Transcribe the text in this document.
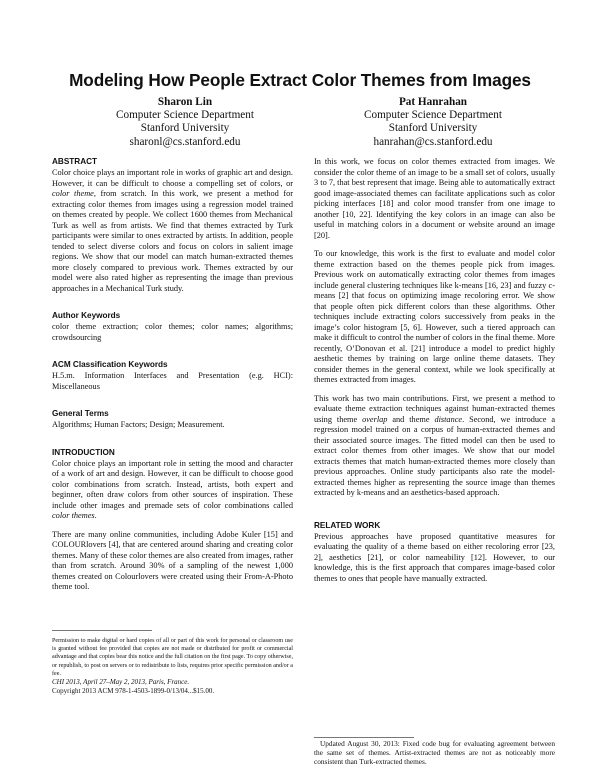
Modeling How People Extract Color Themes from Images
Sharon Lin
Computer Science Department
Stanford University
sharonl@cs.stanford.edu
Pat Hanrahan
Computer Science Department
Stanford University
hanrahan@cs.stanford.edu
ABSTRACT

Color choice plays an important role in works of graphic art and design. However, it can be difficult to choose a compelling set of colors, or color theme, from scratch. In this work, we present a method for extracting color themes from images using a regression model trained on themes created by people. We collect 1600 themes from Mechanical Turk as well as from artists. We find that themes extracted by Turk participants were similar to ones extracted by artists. In addition, people tended to select diverse colors and focus on colors in salient image regions. We show that our model can match human-extracted themes more closely compared to previous work. Themes extracted by our model were also rated higher as representing the image than previous approaches in a Mechanical Turk study.

Author Keywords

color theme extraction; color themes; color names; algorithms; crowdsourcing

ACM Classification Keywords

H.5.m. Information Interfaces and Presentation (e.g. HCI): Miscellaneous

General Terms

Algorithms; Human Factors; Design; Measurement.

INTRODUCTION

Color choice plays an important role in setting the mood and character of a work of art and design. However, it can be difficult to choose good color combinations from scratch. Instead, artists, both expert and beginner, often draw colors from other sources of inspiration. These include other images and premade sets of color combinations called color themes.

There are many online communities, including Adobe Kuler [15] and COLOURlovers [4], that are centered around sharing and creating color themes. Many of these color themes are also created from images, rather than from scratch. Around 30% of a sampling of the newest 1,000 themes created on Colourlovers were created using their From-A-Photo theme tool.

Permission to make digital or hard copies of all or part of this work for personal or classroom use is granted without fee provided that copies are not made or distributed for profit or commercial advantage and that copies bear this notice and the full citation on the first page. To copy otherwise, or republish, to post on servers or to redistribute to lists, requires prior specific permission and/or a fee.
CHI 2013, April 27–May 2, 2013, Paris, France.
Copyright 2013 ACM 978-1-4503-1899-0/13/04...$15.00.

In this work, we focus on color themes extracted from images. We consider the color theme of an image to be a small set of colors, usually 3 to 7, that best represent that image. Being able to automatically extract good image-associated themes can facilitate applications such as color picking interfaces [18] and color mood transfer from one image to another [10, 22]. Identifying the key colors in an image can also be useful in matching colors in a document or website around an image [20].

To our knowledge, this work is the first to evaluate and model color theme extraction based on the themes people pick from images. Previous work on automatically extracting color themes from images include general clustering techniques like k-means [16, 23] and fuzzy c-means [2] that focus on optimizing image recoloring error. We show that people often pick different colors than these algorithms. Other techniques include extracting colors successively from peaks in the image’s color histogram [5, 6]. However, such a tiered approach can make it difficult to control the number of colors in the final theme. More recently, O’Donovan et al. [21] introduce a model to predict highly aesthetic themes by training on large online theme datasets. They consider themes in the general context, while we look specifically at themes extracted from images.

This work has two main contributions. First, we present a method to evaluate theme extraction techniques against human-extracted themes using theme overlap and theme distance. Second, we introduce a regression model trained on a corpus of human-extracted themes and their associated source images. The fitted model can then be used to extract color themes from other images. We show that our model extracts themes that match human-extracted themes more closely than previous approaches. Online study participants also rate the model-extracted themes higher as representing the source image than themes extracted by k-means and an aesthetics-based approach.

RELATED WORK

Previous approaches have proposed quantitative measures for evaluating the quality of a theme based on either recoloring error [23, 2], aesthetics [21], or color nameability [12]. However, to our knowledge, this is the first approach that compares image-based color themes to ones that people have manually extracted.

Updated August 30, 2013: Fixed code bug for evaluating agreement between the same set of themes. Artist-extracted themes are not as noticeably more consistent than Turk-extracted themes.
